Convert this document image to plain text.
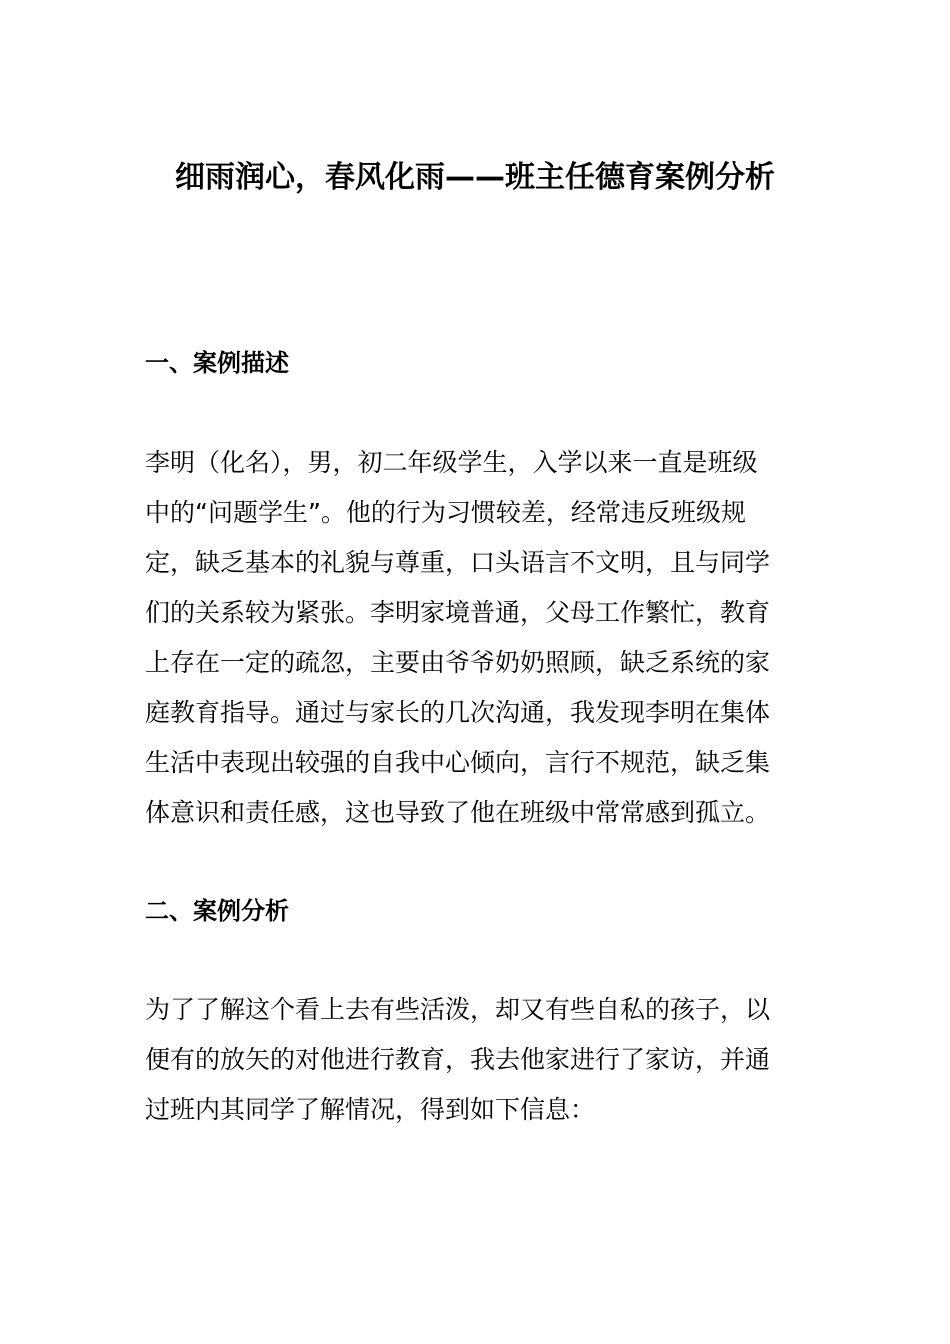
细雨润心，春风化雨——班主任德育案例分析
一、案例描述
李明（化名），男，初二年级学生，入学以来一直是班级
中的“问题学生”。他的行为习惯较差，经常违反班级规
定，缺乏基本的礼貌与尊重，口头语言不文明，且与同学
们的关系较为紧张。李明家境普通，父母工作繁忙，教育
上存在一定的疏忽，主要由爷爷奶奶照顾，缺乏系统的家
庭教育指导。通过与家长的几次沟通，我发现李明在集体
生活中表现出较强的自我中心倾向，言行不规范，缺乏集
体意识和责任感，这也导致了他在班级中常常感到孤立。
二、案例分析
为了了解这个看上去有些活泼，却又有些自私的孩子，以
便有的放矢的对他进行教育，我去他家进行了家访，并通
过班内其同学了解情况，得到如下信息：
